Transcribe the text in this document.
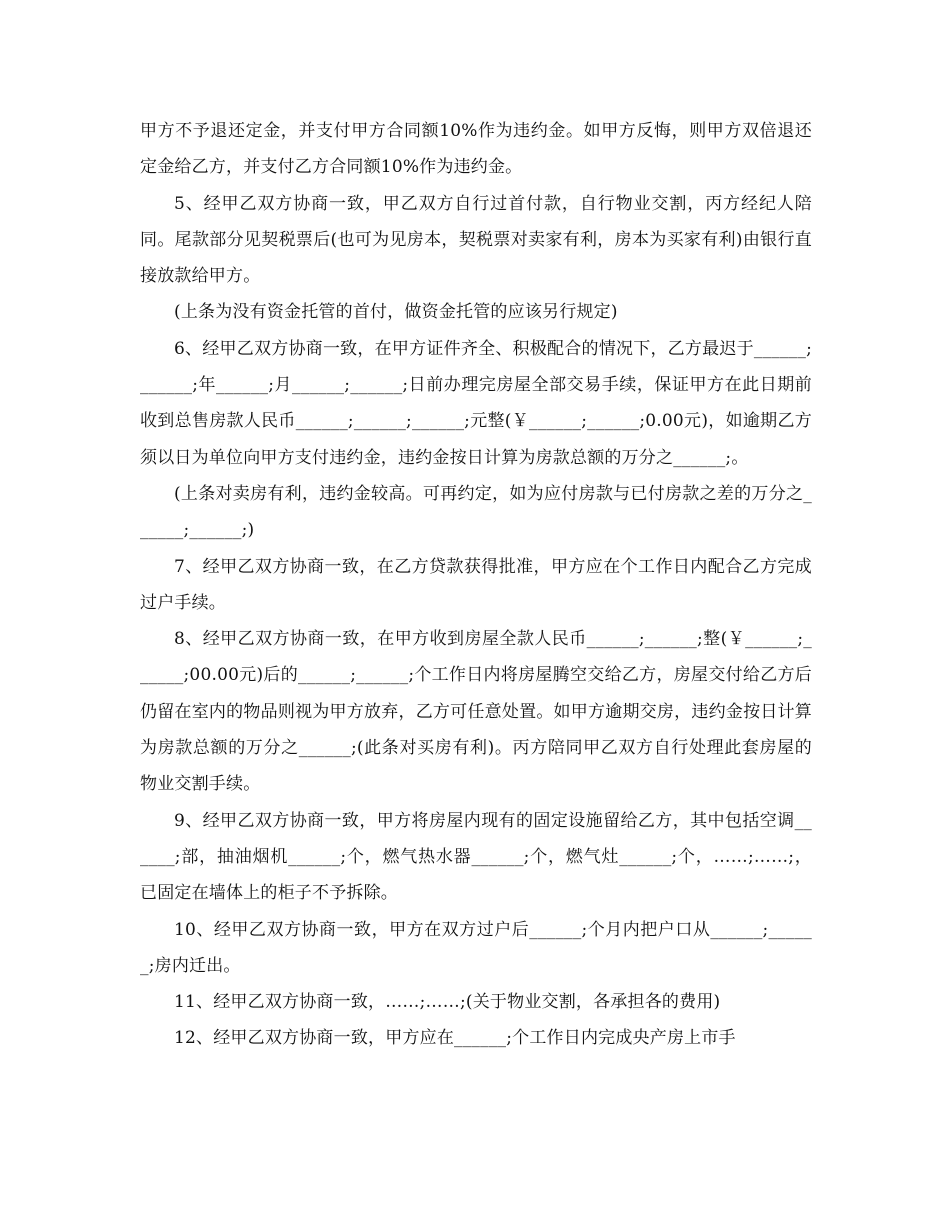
甲方不予退还定金，并支付甲方合同额10%作为违约金。如甲方反悔，则甲方双倍退还定金给乙方，并支付乙方合同额10%作为违约金。

5、经甲乙双方协商一致，甲乙双方自行过首付款，自行物业交割，丙方经纪人陪同。尾款部分见契税票后(也可为见房本，契税票对卖家有利，房本为买家有利)由银行直接放款给甲方。

(上条为没有资金托管的首付，做资金托管的应该另行规定)

6、经甲乙双方协商一致，在甲方证件齐全、积极配合的情况下，乙方最迟于______;______;年______;月______;______;日前办理完房屋全部交易手续，保证甲方在此日期前收到总售房款人民币______;______;______;元整(￥______;______;0.00元)，如逾期乙方须以日为单位向甲方支付违约金，违约金按日计算为房款总额的万分之______;。

(上条对卖房有利，违约金较高。可再约定，如为应付房款与已付房款之差的万分之______;______;)

7、经甲乙双方协商一致，在乙方贷款获得批准，甲方应在个工作日内配合乙方完成过户手续。

8、经甲乙双方协商一致，在甲方收到房屋全款人民币______;______;整(￥______;______;00.00元)后的______;______;个工作日内将房屋腾空交给乙方，房屋交付给乙方后仍留在室内的物品则视为甲方放弃，乙方可任意处置。如甲方逾期交房，违约金按日计算为房款总额的万分之______;(此条对买房有利)。丙方陪同甲乙双方自行处理此套房屋的物业交割手续。

9、经甲乙双方协商一致，甲方将房屋内现有的固定设施留给乙方，其中包括空调______;部，抽油烟机______;个，燃气热水器______;个，燃气灶______;个，……;……;，已固定在墙体上的柜子不予拆除。

10、经甲乙双方协商一致，甲方在双方过户后______;个月内把户口从______;______;房内迁出。

11、经甲乙双方协商一致，……;……;(关于物业交割，各承担各的费用)

12、经甲乙双方协商一致，甲方应在______;个工作日内完成央产房上市手
